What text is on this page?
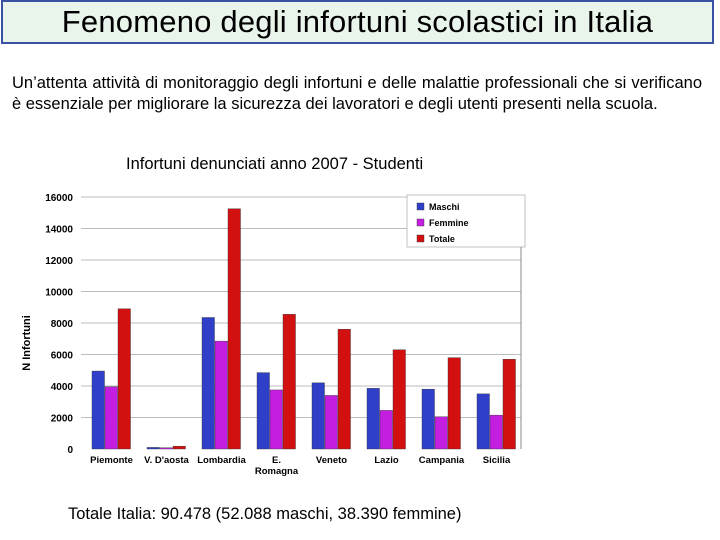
Fenomeno degli infortuni scolastici in Italia
Un’attenta attività di monitoraggio degli infortuni e delle malattie professionali che si verificano è essenziale per migliorare la sicurezza dei lavoratori e degli utenti presenti nella scuola.
Infortuni denunciati anno 2007 - Studenti
0
2000
4000
6000
8000
10000
12000
14000
16000
N Infortuni
Piemonte V. D'aosta Lombardia	E.
Romagna
Veneto	Lazio Campania Sicilia
Maschi
Femmine
Totale
Totale Italia: 90.478 (52.088 maschi, 38.390 femmine)
